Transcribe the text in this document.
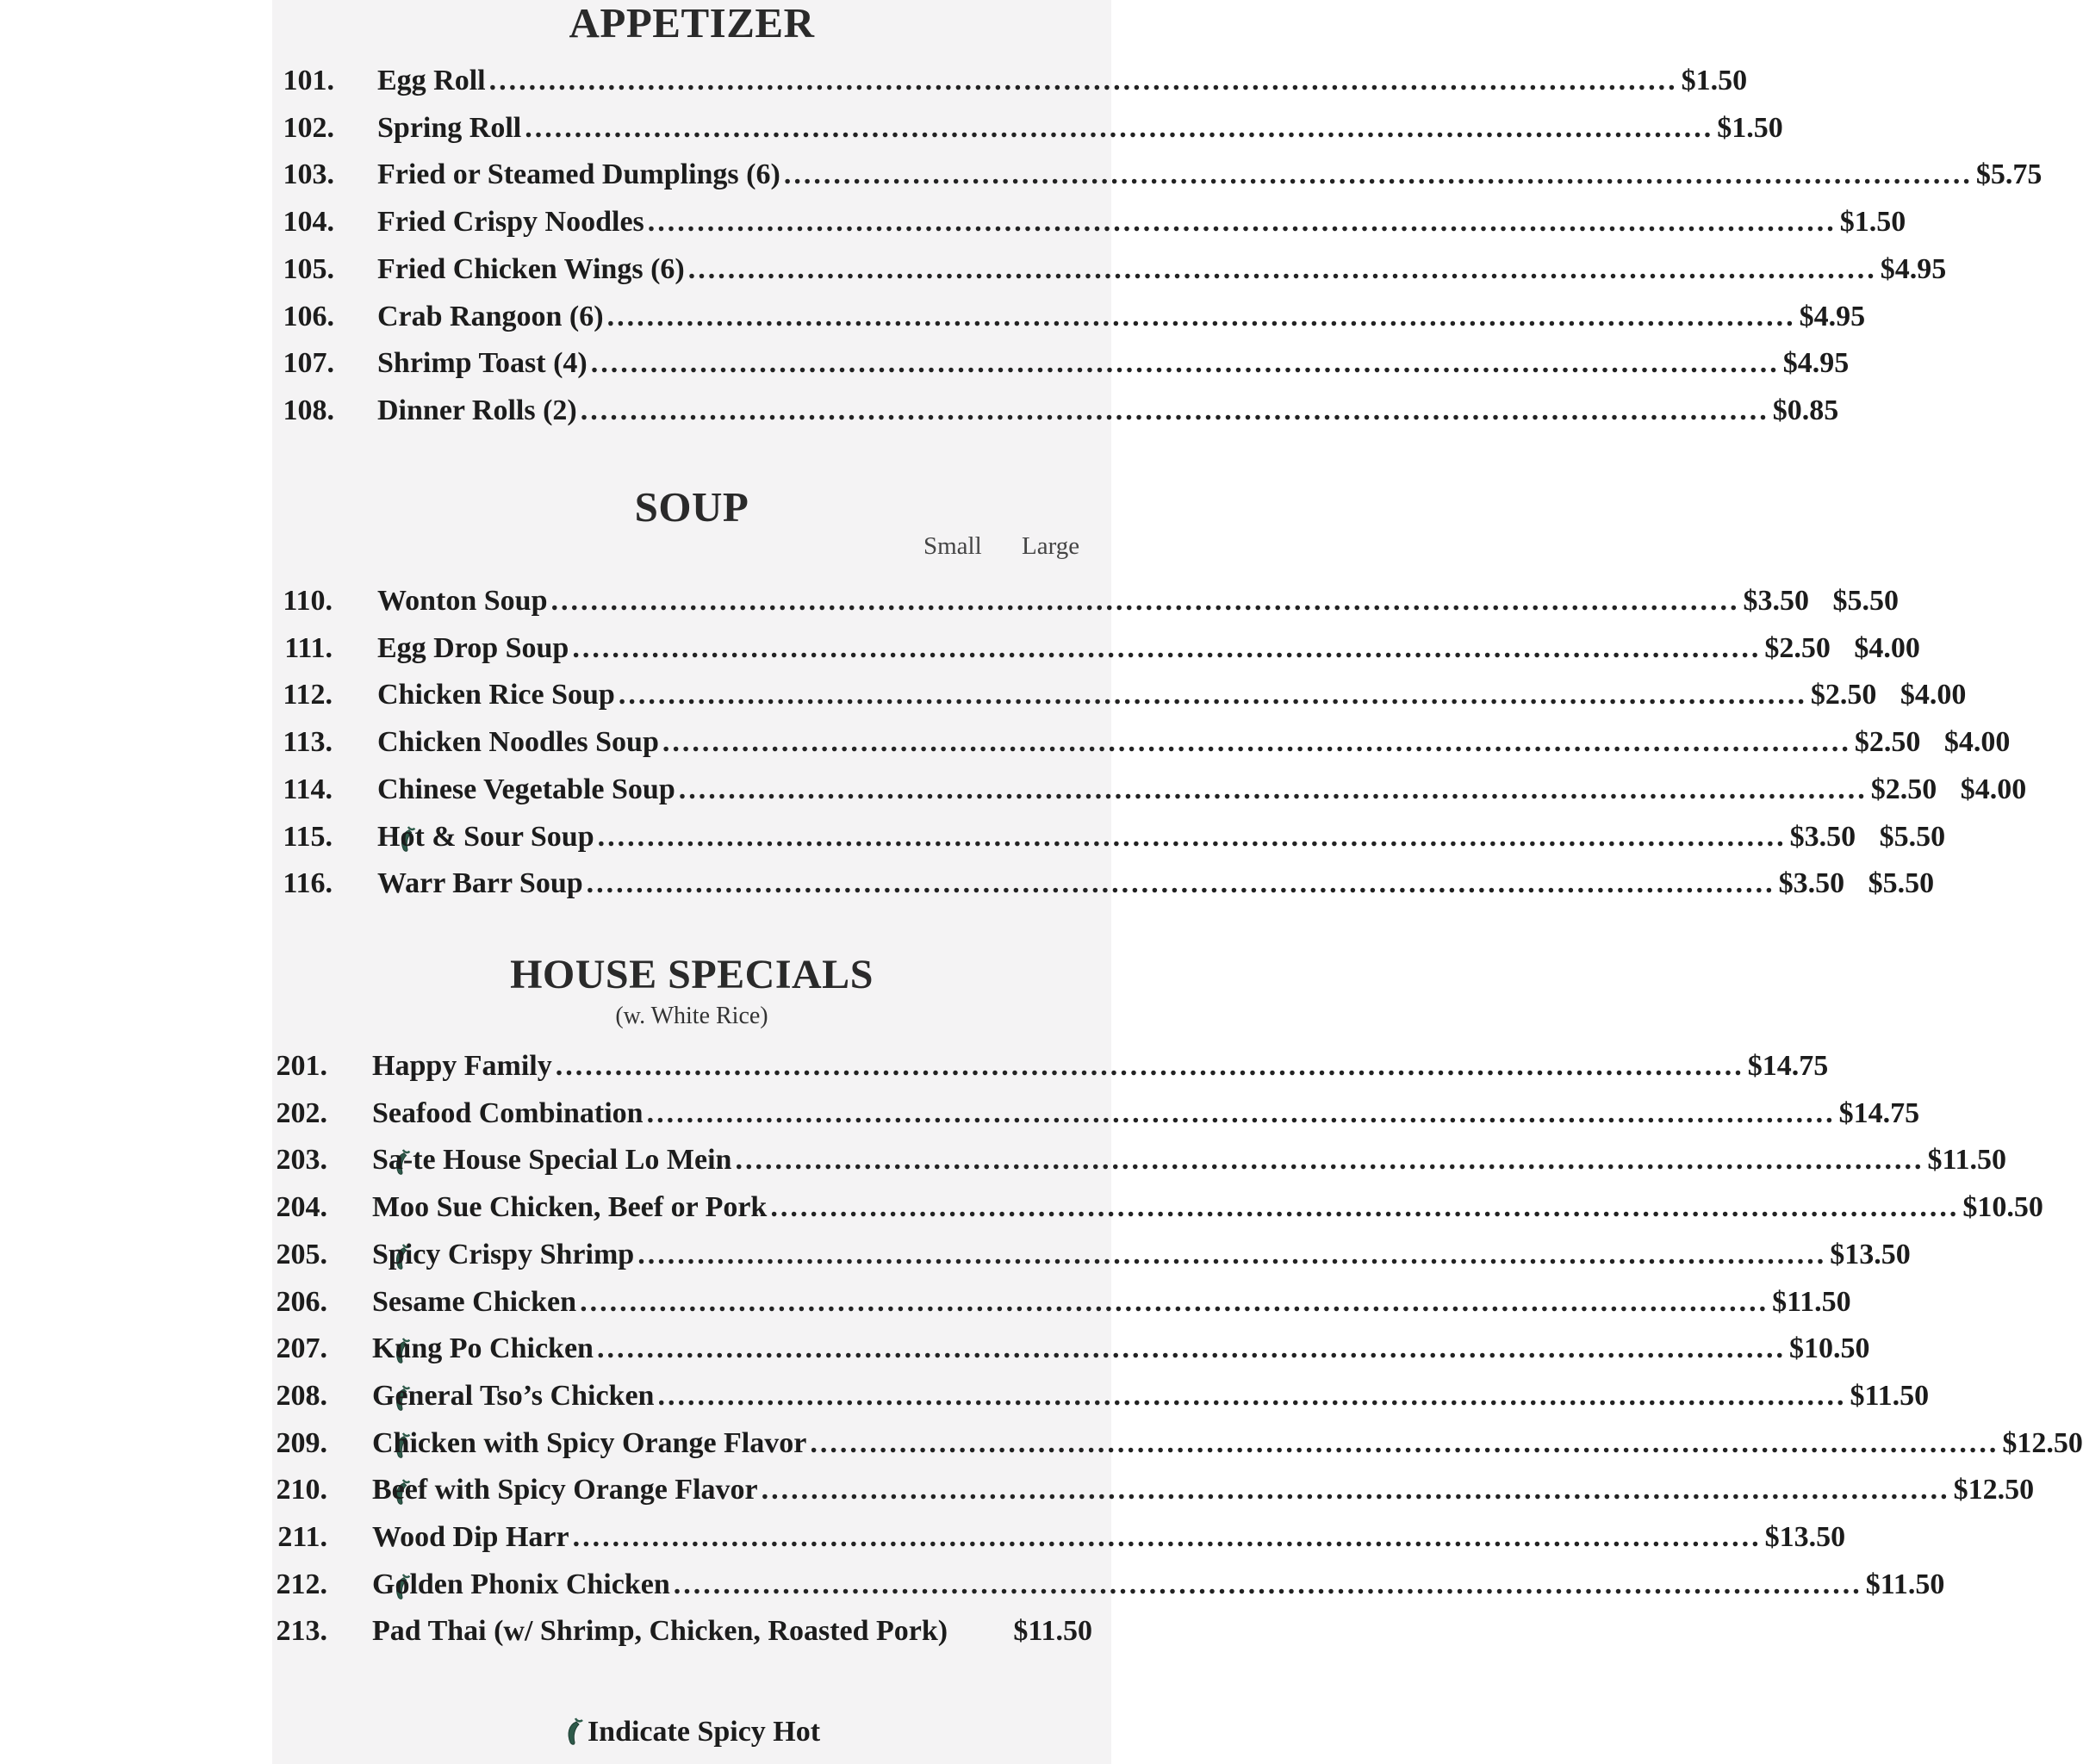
APPETIZER
101. Egg Roll ........................................................................................................................ $1.50
102. Spring Roll ........................................................................................................................ $1.50
103. Fried or Steamed Dumplings (6) ........................................................................................................................ $5.75
104. Fried Crispy Noodles ........................................................................................................................ $1.50
105. Fried Chicken Wings (6) ........................................................................................................................ $4.95
106. Crab Rangoon (6) ........................................................................................................................ $4.95
107. Shrimp Toast (4) ........................................................................................................................ $4.95
108. Dinner Rolls (2) ........................................................................................................................ $0.85
SOUP
Small Large
110. Wonton Soup ........................................................................................................................ $3.50 $5.50
111. Egg Drop Soup ........................................................................................................................ $2.50 $4.00
112. Chicken Rice Soup ........................................................................................................................ $2.50 $4.00
113. Chicken Noodles Soup ........................................................................................................................ $2.50 $4.00
114. Chinese Vegetable Soup ........................................................................................................................ $2.50 $4.00
115. Hot & Sour Soup ........................................................................................................................ $3.50 $5.50
116. Warr Barr Soup ........................................................................................................................ $3.50 $5.50
HOUSE SPECIALS
(w. White Rice)
201. Happy Family ........................................................................................................................ $14.75
202. Seafood Combination ........................................................................................................................ $14.75
203. Sa-te House Special Lo Mein ........................................................................................................................ $11.50
204. Moo Sue Chicken, Beef or Pork ........................................................................................................................ $10.50
205. Spicy Crispy Shrimp ........................................................................................................................ $13.50
206. Sesame Chicken ........................................................................................................................ $11.50
207. Kung Po Chicken ........................................................................................................................ $10.50
208. General Tso’s Chicken ........................................................................................................................ $11.50
209. Chicken with Spicy Orange Flavor ........................................................................................................................ $12.50
210. Beef with Spicy Orange Flavor ........................................................................................................................ $12.50
211. Wood Dip Harr ........................................................................................................................ $13.50
212. Golden Phonix Chicken ........................................................................................................................ $11.50
213. Pad Thai (w/ Shrimp, Chicken, Roasted Pork) $11.50
Indicate Spicy Hot
